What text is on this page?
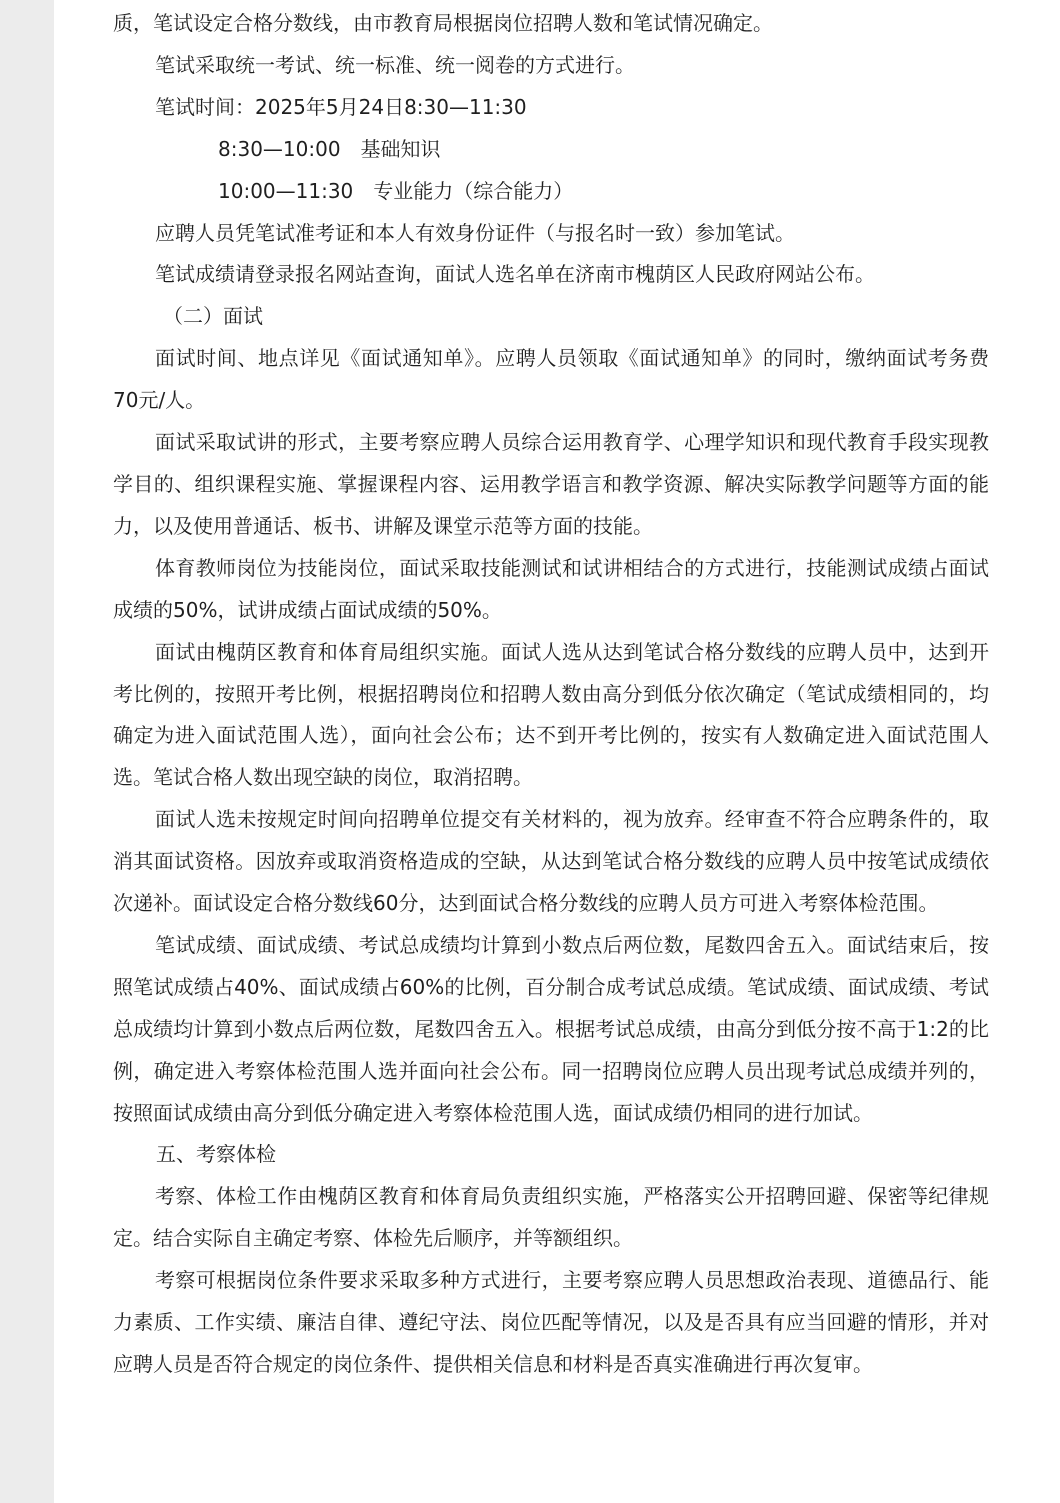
质，笔试设定合格分数线，由市教育局根据岗位招聘人数和笔试情况确定。

笔试采取统一考试、统一标准、统一阅卷的方式进行。

笔试时间：2025年5月24日8:30—11:30

8:30—10:00　基础知识

10:00—11:30　专业能力（综合能力）

应聘人员凭笔试准考证和本人有效身份证件（与报名时一致）参加笔试。

笔试成绩请登录报名网站查询，面试人选名单在济南市槐荫区人民政府网站公布。

（二）面试

面试时间、地点详见《面试通知单》。应聘人员领取《面试通知单》的同时，缴纳面试考务费70元/人。

面试采取试讲的形式，主要考察应聘人员综合运用教育学、心理学知识和现代教育手段实现教学目的、组织课程实施、掌握课程内容、运用教学语言和教学资源、解决实际教学问题等方面的能力，以及使用普通话、板书、讲解及课堂示范等方面的技能。

体育教师岗位为技能岗位，面试采取技能测试和试讲相结合的方式进行，技能测试成绩占面试成绩的50%，试讲成绩占面试成绩的50%。

面试由槐荫区教育和体育局组织实施。面试人选从达到笔试合格分数线的应聘人员中，达到开考比例的，按照开考比例，根据招聘岗位和招聘人数由高分到低分依次确定（笔试成绩相同的，均确定为进入面试范围人选），面向社会公布；达不到开考比例的，按实有人数确定进入面试范围人选。笔试合格人数出现空缺的岗位，取消招聘。

面试人选未按规定时间向招聘单位提交有关材料的，视为放弃。经审查不符合应聘条件的，取消其面试资格。因放弃或取消资格造成的空缺，从达到笔试合格分数线的应聘人员中按笔试成绩依次递补。面试设定合格分数线60分，达到面试合格分数线的应聘人员方可进入考察体检范围。

笔试成绩、面试成绩、考试总成绩均计算到小数点后两位数，尾数四舍五入。面试结束后，按照笔试成绩占40%、面试成绩占60%的比例，百分制合成考试总成绩。笔试成绩、面试成绩、考试总成绩均计算到小数点后两位数，尾数四舍五入。根据考试总成绩，由高分到低分按不高于1:2的比例，确定进入考察体检范围人选并面向社会公布。同一招聘岗位应聘人员出现考试总成绩并列的，按照面试成绩由高分到低分确定进入考察体检范围人选，面试成绩仍相同的进行加试。

五、考察体检

考察、体检工作由槐荫区教育和体育局负责组织实施，严格落实公开招聘回避、保密等纪律规定。结合实际自主确定考察、体检先后顺序，并等额组织。

考察可根据岗位条件要求采取多种方式进行，主要考察应聘人员思想政治表现、道德品行、能力素质、工作实绩、廉洁自律、遵纪守法、岗位匹配等情况，以及是否具有应当回避的情形，并对应聘人员是否符合规定的岗位条件、提供相关信息和材料是否真实准确进行再次复审。
